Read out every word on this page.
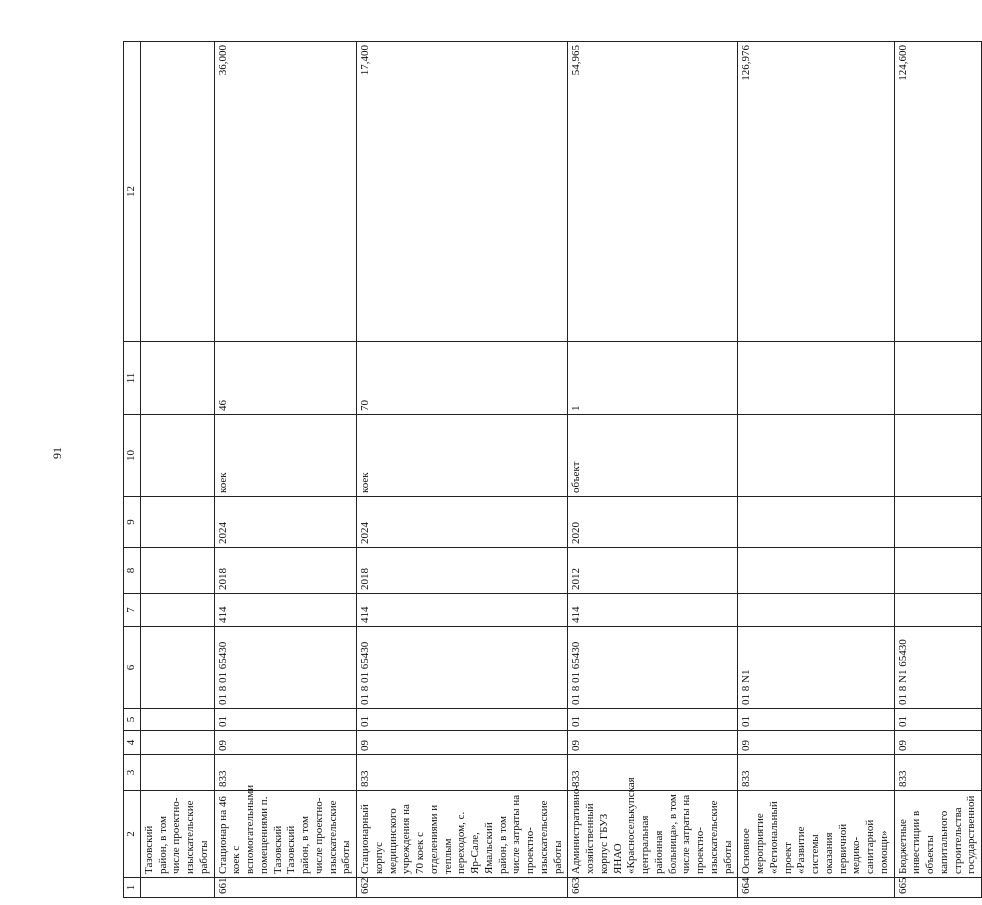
91
1	2	3	4	5	6	7	8	9	10	11	12
	Тазовский район, в том числе проектно-изыскательские работы										
661	Стационар на 46 коек с вспомогательными помещениями п. Тазовский Тазовский район, в том числе проектно-изыскательские работы	833	09	01	01 8 01 65430	414	2018	2024	коек	46	36,000
662	Стационарный корпус медицинского учреждения на 70 коек с отделениями и теплым переходом, с. Яр-Сале, Ямальский район, в том числе затраты на проектно-изыскательские работы	833	09	01	01 8 01 65430	414	2018	2024	коек	70	17,400
663	Административно-хозяйственный корпус ГБУЗ ЯНАО «Красноселькупская центральная районная больница», в том числе затраты на проектно-изыскательские работы	833	09	01	01 8 01 65430	414	2012	2020	объект	1	54,965
664	Основное мероприятие «Региональный проект «Развитие системы оказания первичной медико-санитарной помощи»	833	09	01	01 8 N1						126,976
665	Бюджетные инвестиции в объекты капитального строительства государственной	833	09	01	01 8 N1 65430						124,600
